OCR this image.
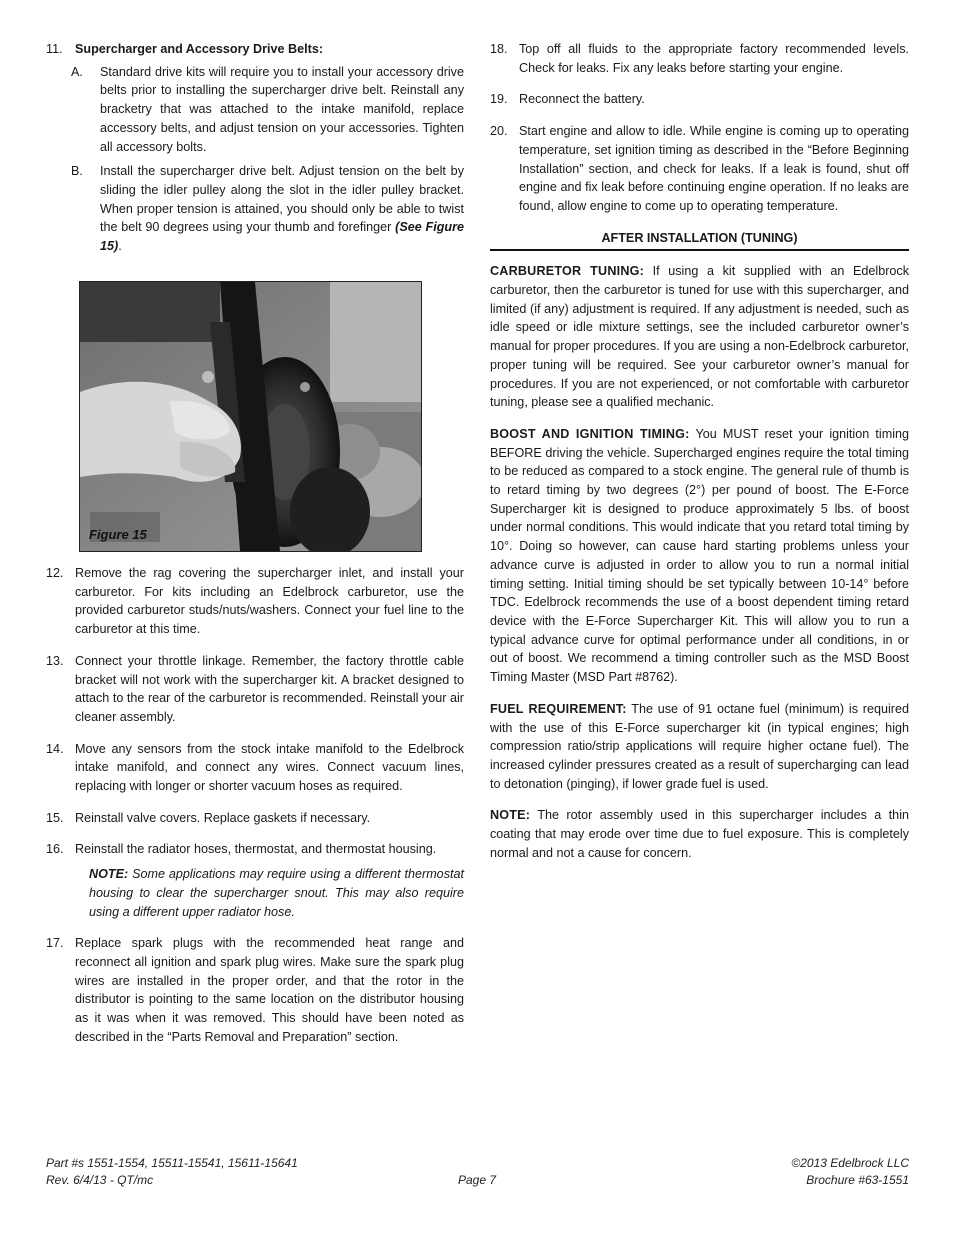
11. Supercharger and Accessory Drive Belts:
A. Standard drive kits will require you to install your accessory drive belts prior to installing the supercharger drive belt. Reinstall any bracketry that was attached to the intake manifold, replace accessory belts, and adjust tension on your accessories. Tighten all accessory bolts.
B. Install the supercharger drive belt. Adjust tension on the belt by sliding the idler pulley along the slot in the idler pulley bracket. When proper tension is attained, you should only be able to twist the belt 90 degrees using your thumb and forefinger (See Figure 15).
Figure 15
12. Remove the rag covering the supercharger inlet, and install your carburetor. For kits including an Edelbrock carburetor, use the provided carburetor studs/nuts/washers. Connect your fuel line to the carburetor at this time.
13. Connect your throttle linkage. Remember, the factory throttle cable bracket will not work with the supercharger kit. A bracket designed to attach to the rear of the carburetor is recommended. Reinstall your air cleaner assembly.
14. Move any sensors from the stock intake manifold to the Edelbrock intake manifold, and connect any wires. Connect vacuum lines, replacing with longer or shorter vacuum hoses as required.
15. Reinstall valve covers. Replace gaskets if necessary.
16. Reinstall the radiator hoses, thermostat, and thermostat housing.
NOTE: Some applications may require using a different thermostat housing to clear the supercharger snout. This may also require using a different upper radiator hose.
17. Replace spark plugs with the recommended heat range and reconnect all ignition and spark plug wires. Make sure the spark plug wires are installed in the proper order, and that the rotor in the distributor is pointing to the same location on the distributor housing as it was when it was removed. This should have been noted as described in the “Parts Removal and Preparation” section.
18. Top off all fluids to the appropriate factory recommended levels. Check for leaks. Fix any leaks before starting your engine.
19. Reconnect the battery.
20. Start engine and allow to idle. While engine is coming up to operating temperature, set ignition timing as described in the “Before Beginning Installation” section, and check for leaks. If a leak is found, shut off engine and fix leak before continuing engine operation. If no leaks are found, allow engine to come up to operating temperature.
AFTER INSTALLATION (TUNING)
CARBURETOR TUNING: If using a kit supplied with an Edelbrock carburetor, then the carburetor is tuned for use with this supercharger, and limited (if any) adjustment is required. If any adjustment is needed, such as idle speed or idle mixture settings, see the included carburetor owner’s manual for proper procedures. If you are using a non-Edelbrock carburetor, proper tuning will be required. See your carburetor owner’s manual for procedures. If you are not experienced, or not comfortable with carburetor tuning, please see a qualified mechanic.
BOOST AND IGNITION TIMING: You MUST reset your ignition timing BEFORE driving the vehicle. Supercharged engines require the total timing to be reduced as compared to a stock engine. The general rule of thumb is to retard timing by two degrees (2°) per pound of boost. The E-Force Supercharger kit is designed to produce approximately 5 lbs. of boost under normal conditions. This would indicate that you retard total timing by 10°. Doing so however, can cause hard starting problems unless your advance curve is adjusted in order to allow you to run a normal initial timing setting. Initial timing should be set typically between 10-14° before TDC. Edelbrock recommends the use of a boost dependent timing retard device with the E-Force Supercharger Kit. This will allow you to run a typical advance curve for optimal performance under all conditions, in or out of boost. We recommend a timing controller such as the MSD Boost Timing Master (MSD Part #8762).
FUEL REQUIREMENT: The use of 91 octane fuel (minimum) is required with the use of this E-Force supercharger kit (in typical engines; high compression ratio/strip applications will require higher octane fuel). The increased cylinder pressures created as a result of supercharging can lead to detonation (pinging), if lower grade fuel is used.
NOTE: The rotor assembly used in this supercharger includes a thin coating that may erode over time due to fuel exposure. This is completely normal and not a cause for concern.
Part #s 1551-1554, 15511-15541, 15611-15641
Rev. 6/4/13 - QT/mc	Page 7
©2013 Edelbrock LLC
Brochure #63-1551
